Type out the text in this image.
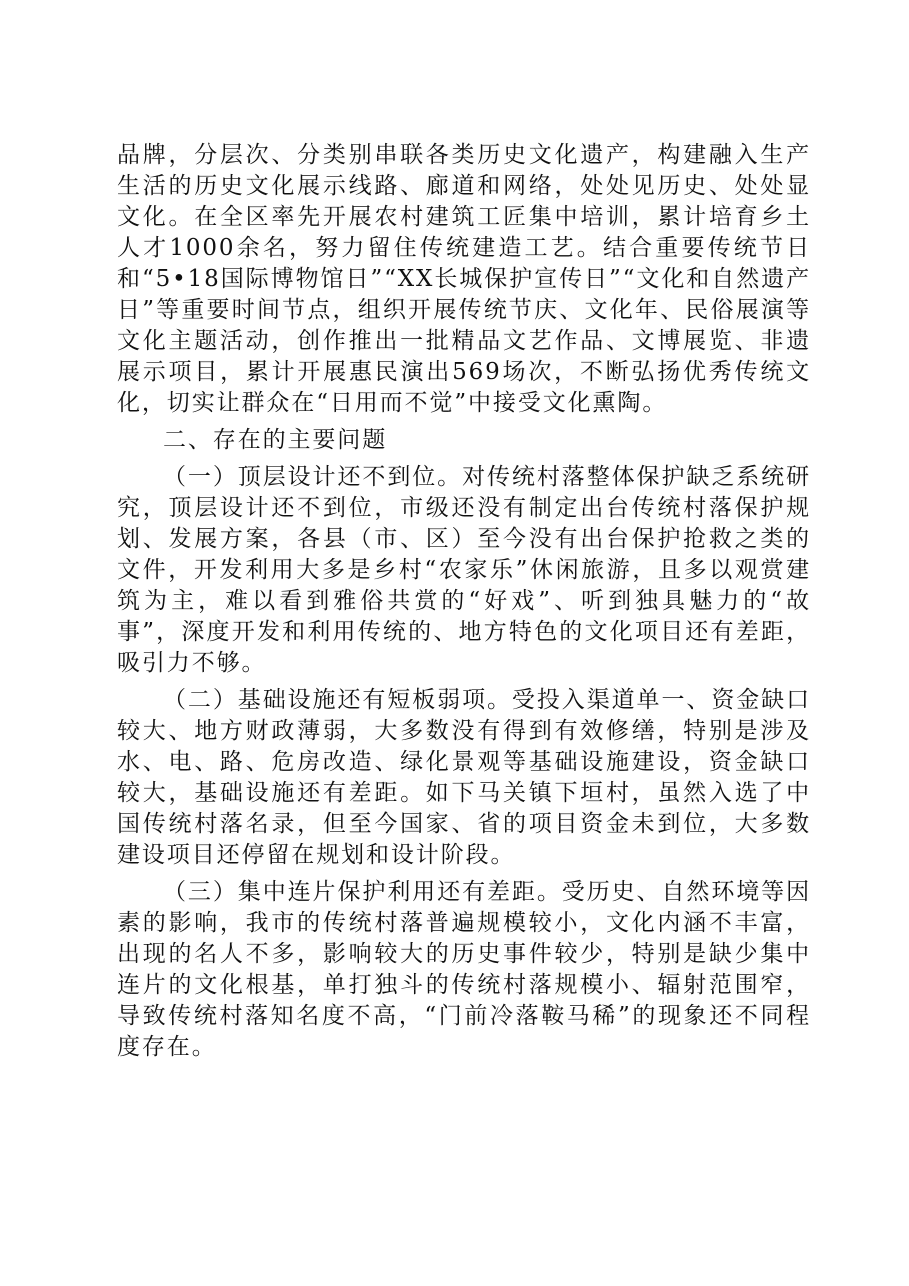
品牌，分层次、分类别串联各类历史文化遗产，构建融入生产生活的历史文化展示线路、廊道和网络，处处见历史、处处显文化。在全区率先开展农村建筑工匠集中培训，累计培育乡土人才1000余名，努力留住传统建造工艺。结合重要传统节日和“5•18国际博物馆日”“XX长城保护宣传日”“文化和自然遗产日”等重要时间节点，组织开展传统节庆、文化年、民俗展演等文化主题活动，创作推出一批精品文艺作品、文博展览、非遗展示项目，累计开展惠民演出569场次，不断弘扬优秀传统文化，切实让群众在“日用而不觉”中接受文化熏陶。

二、存在的主要问题

（一）顶层设计还不到位。对传统村落整体保护缺乏系统研究，顶层设计还不到位，市级还没有制定出台传统村落保护规划、发展方案，各县（市、区）至今没有出台保护抢救之类的文件，开发利用大多是乡村“农家乐”休闲旅游，且多以观赏建筑为主，难以看到雅俗共赏的“好戏”、听到独具魅力的“故事”，深度开发和利用传统的、地方特色的文化项目还有差距，吸引力不够。

（二）基础设施还有短板弱项。受投入渠道单一、资金缺口较大、地方财政薄弱，大多数没有得到有效修缮，特别是涉及水、电、路、危房改造、绿化景观等基础设施建设，资金缺口较大，基础设施还有差距。如下马关镇下垣村，虽然入选了中国传统村落名录，但至今国家、省的项目资金未到位，大多数建设项目还停留在规划和设计阶段。

（三）集中连片保护利用还有差距。受历史、自然环境等因素的影响，我市的传统村落普遍规模较小，文化内涵不丰富，出现的名人不多，影响较大的历史事件较少，特别是缺少集中连片的文化根基，单打独斗的传统村落规模小、辐射范围窄，导致传统村落知名度不高，“门前冷落鞍马稀”的现象还不同程度存在。
